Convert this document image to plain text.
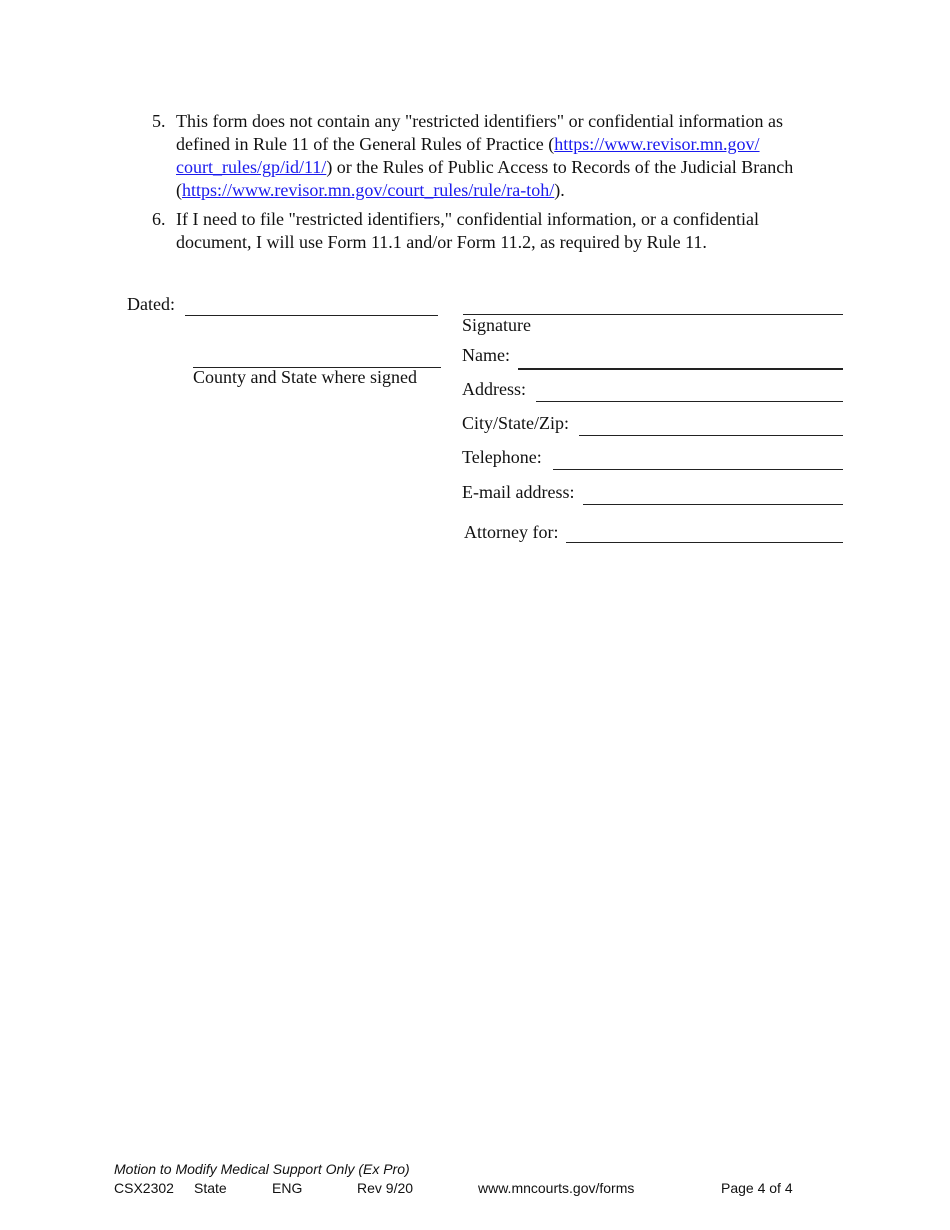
5. This form does not contain any "restricted identifiers" or confidential information as
defined in Rule 11 of the General Rules of Practice (https://www.revisor.mn.gov/
court_rules/gp/id/11/) or the Rules of Public Access to Records of the Judicial Branch
(https://www.revisor.mn.gov/court_rules/rule/ra-toh/).
6. If I need to file "restricted identifiers," confidential information, or a confidential
document, I will use Form 11.1 and/or Form 11.2, as required by Rule 11.
Dated:
County and State where signed
Signature
Name:
Address:
City/State/Zip:
Telephone:
E-mail address:
Attorney for:
Motion to Modify Medical Support Only (Ex Pro)
CSX2302 State	ENG	Rev 9/20	www.mncourts.gov/forms	Page 4 of 4
